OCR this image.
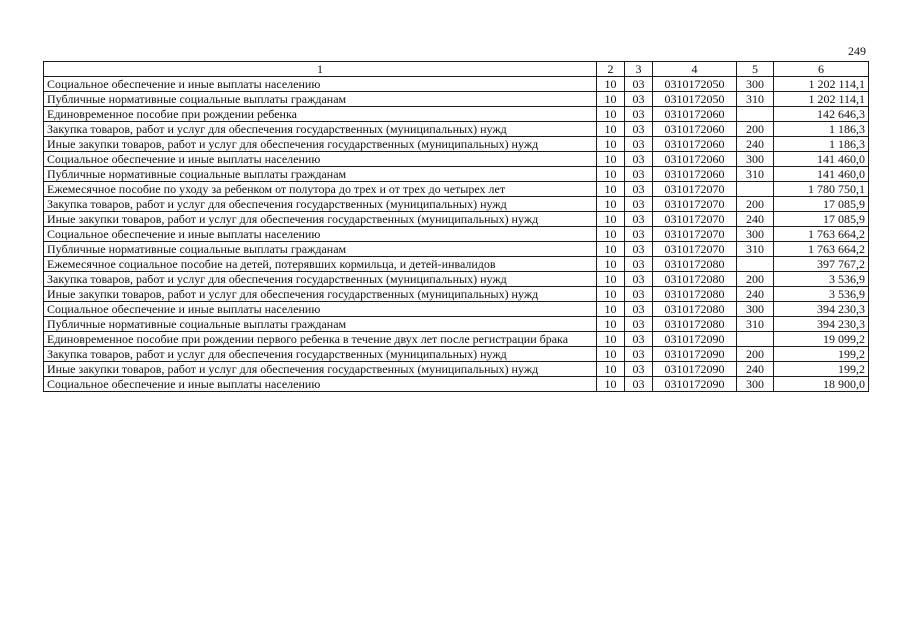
249
1	2	3	4	5	6
Социальное обеспечение и иные выплаты населению	10	03	0310172050	300	1 202 114,1
Публичные нормативные социальные выплаты гражданам	10	03	0310172050	310	1 202 114,1
Единовременное пособие при рождении ребенка	10	03	0310172060		142 646,3
Закупка товаров, работ и услуг для обеспечения государственных (муниципальных) нужд	10	03	0310172060	200	1 186,3
Иные закупки товаров, работ и услуг для обеспечения государственных (муниципальных) нужд	10	03	0310172060	240	1 186,3
Социальное обеспечение и иные выплаты населению	10	03	0310172060	300	141 460,0
Публичные нормативные социальные выплаты гражданам	10	03	0310172060	310	141 460,0
Ежемесячное пособие по уходу за ребенком от полутора до трех и от трех до четырех лет	10	03	0310172070		1 780 750,1
Закупка товаров, работ и услуг для обеспечения государственных (муниципальных) нужд	10	03	0310172070	200	17 085,9
Иные закупки товаров, работ и услуг для обеспечения государственных (муниципальных) нужд	10	03	0310172070	240	17 085,9
Социальное обеспечение и иные выплаты населению	10	03	0310172070	300	1 763 664,2
Публичные нормативные социальные выплаты гражданам	10	03	0310172070	310	1 763 664,2
Ежемесячное социальное пособие на детей, потерявших кормильца, и детей-инвалидов	10	03	0310172080		397 767,2
Закупка товаров, работ и услуг для обеспечения государственных (муниципальных) нужд	10	03	0310172080	200	3 536,9
Иные закупки товаров, работ и услуг для обеспечения государственных (муниципальных) нужд	10	03	0310172080	240	3 536,9
Социальное обеспечение и иные выплаты населению	10	03	0310172080	300	394 230,3
Публичные нормативные социальные выплаты гражданам	10	03	0310172080	310	394 230,3
Единовременное пособие при рождении первого ребенка в течение двух лет после регистрации брака	10	03	0310172090		19 099,2
Закупка товаров, работ и услуг для обеспечения государственных (муниципальных) нужд	10	03	0310172090	200	199,2
Иные закупки товаров, работ и услуг для обеспечения государственных (муниципальных) нужд	10	03	0310172090	240	199,2
Социальное обеспечение и иные выплаты населению	10	03	0310172090	300	18 900,0
